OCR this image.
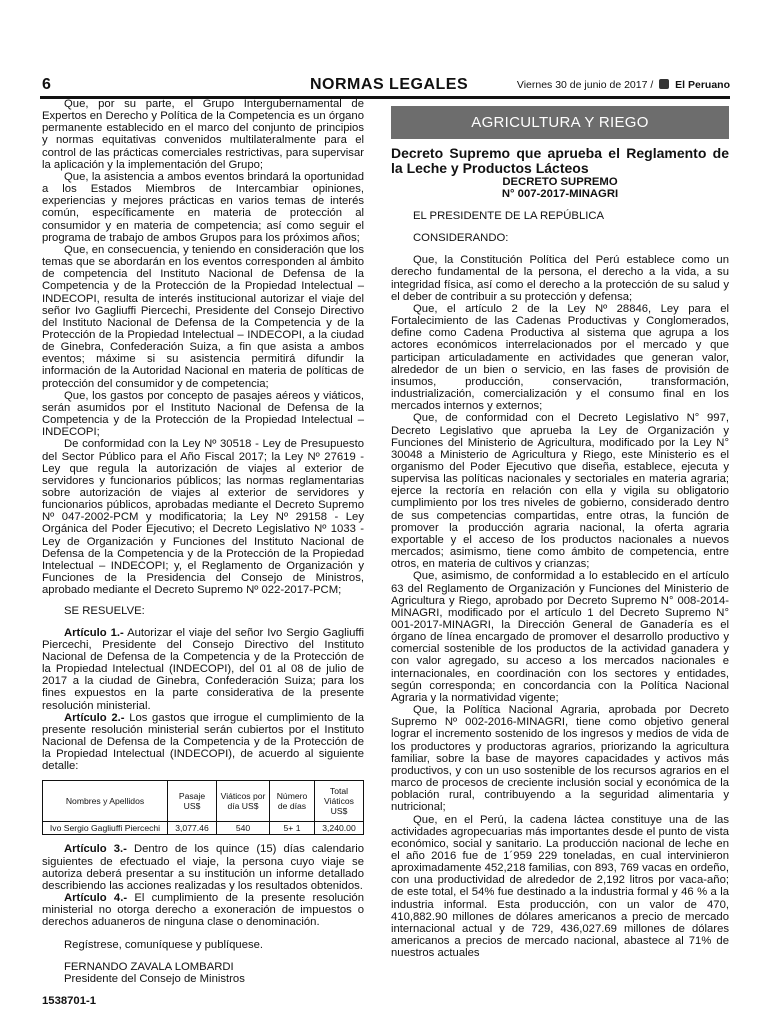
6	NORMAS LEGALES	Viernes 30 de junio de 2017 / El Peruano

Que, por su parte, el Grupo Intergubernamental de Expertos en Derecho y Política de la Competencia es un órgano permanente establecido en el marco del conjunto de principios y normas equitativas convenidos multilateralmente para el control de las prácticas comerciales restrictivas, para supervisar la aplicación y la implementación del Grupo;

Que, la asistencia a ambos eventos brindará la oportunidad a los Estados Miembros de Intercambiar opiniones, experiencias y mejores prácticas en varios temas de interés común, específicamente en materia de protección al consumidor y en materia de competencia; así como seguir el programa de trabajo de ambos Grupos para los próximos años;

Que, en consecuencia, y teniendo en consideración que los temas que se abordarán en los eventos corresponden al ámbito de competencia del Instituto Nacional de Defensa de la Competencia y de la Protección de la Propiedad Intelectual – INDECOPI, resulta de interés institucional autorizar el viaje del señor Ivo Gagliuffi Piercechi, Presidente del Consejo Directivo del Instituto Nacional de Defensa de la Competencia y de la Protección de la Propiedad Intelectual – INDECOPI, a la ciudad de Ginebra, Confederación Suiza, a fin que asista a ambos eventos; máxime si su asistencia permitirá difundir la información de la Autoridad Nacional en materia de políticas de protección del consumidor y de competencia;

Que, los gastos por concepto de pasajes aéreos y viáticos, serán asumidos por el Instituto Nacional de Defensa de la Competencia y de la Protección de la Propiedad Intelectual – INDECOPI;

De conformidad con la Ley Nº 30518 - Ley de Presupuesto del Sector Público para el Año Fiscal 2017; la Ley Nº 27619 - Ley que regula la autorización de viajes al exterior de servidores y funcionarios públicos; las normas reglamentarias sobre autorización de viajes al exterior de servidores y funcionarios públicos, aprobadas mediante el Decreto Supremo Nº 047-2002-PCM y modificatoria; la Ley Nº 29158 - Ley Orgánica del Poder Ejecutivo; el Decreto Legislativo Nº 1033 - Ley de Organización y Funciones del Instituto Nacional de Defensa de la Competencia y de la Protección de la Propiedad Intelectual – INDECOPI; y, el Reglamento de Organización y Funciones de la Presidencia del Consejo de Ministros, aprobado mediante el Decreto Supremo Nº 022-2017-PCM;

SE RESUELVE:

Artículo 1.- Autorizar el viaje del señor Ivo Sergio Gagliuffi Piercechi, Presidente del Consejo Directivo del Instituto Nacional de Defensa de la Competencia y de la Protección de la Propiedad Intelectual (INDECOPI), del 01 al 08 de julio de 2017 a la ciudad de Ginebra, Confederación Suiza; para los fines expuestos en la parte considerativa de la presente resolución ministerial.

Artículo 2.- Los gastos que irrogue el cumplimiento de la presente resolución ministerial serán cubiertos por el Instituto Nacional de Defensa de la Competencia y de la Protección de la Propiedad Intelectual (INDECOPI), de acuerdo al siguiente detalle:

Nombres y Apellidos	Pasaje US$	Viáticos por día US$	Número de días	Total Viáticos US$
Ivo Sergio Gagliuffi Piercechi	3,077.46	540	5+ 1	3,240.00

Artículo 3.- Dentro de los quince (15) días calendario siguientes de efectuado el viaje, la persona cuyo viaje se autoriza deberá presentar a su institución un informe detallado describiendo las acciones realizadas y los resultados obtenidos.

Artículo 4.- El cumplimiento de la presente resolución ministerial no otorga derecho a exoneración de impuestos o derechos aduaneros de ninguna clase o denominación.

Regístrese, comuníquese y publíquese.

FERNANDO ZAVALA LOMBARDI

Presidente del Consejo de Ministros

1538701-1

AGRICULTURA Y RIEGO

Decreto Supremo que aprueba el Reglamento de la Leche y Productos Lácteos

DECRETO SUPREMO

N° 007-2017-MINAGRI

EL PRESIDENTE DE LA REPÚBLICA

CONSIDERANDO:

Que, la Constitución Política del Perú establece como un derecho fundamental de la persona, el derecho a la vida, a su integridad física, así como el derecho a la protección de su salud y el deber de contribuir a su protección y defensa;

Que, el artículo 2 de la Ley Nº 28846, Ley para el Fortalecimiento de las Cadenas Productivas y Conglomerados, define como Cadena Productiva al sistema que agrupa a los actores económicos interrelacionados por el mercado y que participan articuladamente en actividades que generan valor, alrededor de un bien o servicio, en las fases de provisión de insumos, producción, conservación, transformación, industrialización, comercialización y el consumo final en los mercados internos y externos;

Que, de conformidad con el Decreto Legislativo N° 997, Decreto Legislativo que aprueba la Ley de Organización y Funciones del Ministerio de Agricultura, modificado por la Ley N° 30048 a Ministerio de Agricultura y Riego, este Ministerio es el organismo del Poder Ejecutivo que diseña, establece, ejecuta y supervisa las políticas nacionales y sectoriales en materia agraria; ejerce la rectoría en relación con ella y vigila su obligatorio cumplimiento por los tres niveles de gobierno, considerado dentro de sus competencias compartidas, entre otras, la función de promover la producción agraria nacional, la oferta agraria exportable y el acceso de los productos nacionales a nuevos mercados; asimismo, tiene como ámbito de competencia, entre otros, en materia de cultivos y crianzas;

Que, asimismo, de conformidad a lo establecido en el artículo 63 del Reglamento de Organización y Funciones del Ministerio de Agricultura y Riego, aprobado por Decreto Supremo N° 008-2014-MINAGRI, modificado por el artículo 1 del Decreto Supremo N° 001-2017-MINAGRI, la Dirección General de Ganadería es el órgano de línea encargado de promover el desarrollo productivo y comercial sostenible de los productos de la actividad ganadera y con valor agregado, su acceso a los mercados nacionales e internacionales, en coordinación con los sectores y entidades, según corresponda; en concordancia con la Política Nacional Agraria y la normatividad vigente;

Que, la Política Nacional Agraria, aprobada por Decreto Supremo Nº 002-2016-MINAGRI, tiene como objetivo general lograr el incremento sostenido de los ingresos y medios de vida de los productores y productoras agrarios, priorizando la agricultura familiar, sobre la base de mayores capacidades y activos más productivos, y con un uso sostenible de los recursos agrarios en el marco de procesos de creciente inclusión social y económica de la población rural, contribuyendo a la seguridad alimentaria y nutricional;

Que, en el Perú, la cadena láctea constituye una de las actividades agropecuarias más importantes desde el punto de vista económico, social y sanitario. La producción nacional de leche en el año 2016 fue de 1´959 229 toneladas, en cual intervinieron aproximadamente 452,218 familias, con 893, 769 vacas en ordeño, con una productividad de alrededor de 2,192 litros por vaca-año; de este total, el 54% fue destinado a la industria formal y 46 % a la industria informal. Esta producción, con un valor de 470, 410,882.90 millones de dólares americanos a precio de mercado internacional actual y de 729, 436,027.69 millones de dólares americanos a precios de mercado nacional, abastece al 71% de nuestros actuales
